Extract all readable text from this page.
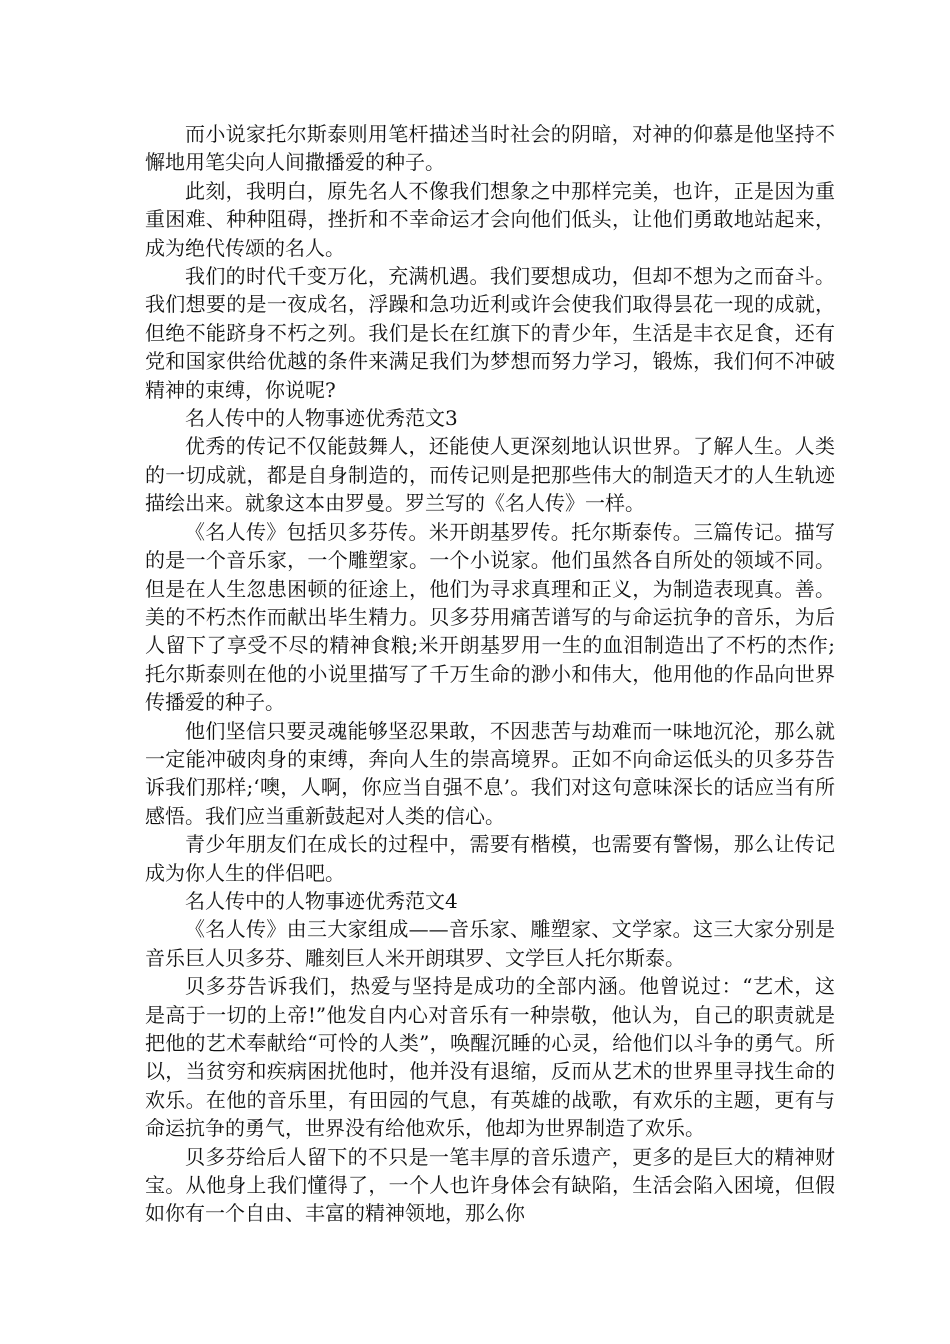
而小说家托尔斯泰则用笔杆描述当时社会的阴暗，对神的仰慕是他坚持不懈地用笔尖向人间撒播爱的种子。

此刻，我明白，原先名人不像我们想象之中那样完美，也许，正是因为重重困难、种种阻碍，挫折和不幸命运才会向他们低头，让他们勇敢地站起来，成为绝代传颂的名人。

我们的时代千变万化，充满机遇。我们要想成功，但却不想为之而奋斗。我们想要的是一夜成名，浮躁和急功近利或许会使我们取得昙花一现的成就，但绝不能跻身不朽之列。我们是长在红旗下的青少年，生活是丰衣足食，还有党和国家供给优越的条件来满足我们为梦想而努力学习，锻炼，我们何不冲破精神的束缚，你说呢?

名人传中的人物事迹优秀范文3

优秀的传记不仅能鼓舞人，还能使人更深刻地认识世界。了解人生。人类的一切成就，都是自身制造的，而传记则是把那些伟大的制造天才的人生轨迹描绘出来。就象这本由罗曼。罗兰写的《名人传》一样。

《名人传》包括贝多芬传。米开朗基罗传。托尔斯泰传。三篇传记。描写的是一个音乐家，一个雕塑家。一个小说家。他们虽然各自所处的领域不同。但是在人生忽患困顿的征途上，他们为寻求真理和正义，为制造表现真。善。美的不朽杰作而献出毕生精力。贝多芬用痛苦谱写的与命运抗争的音乐，为后人留下了享受不尽的精神食粮;米开朗基罗用一生的血泪制造出了不朽的杰作;托尔斯泰则在他的小说里描写了千万生命的渺小和伟大，他用他的作品向世界传播爱的种子。

他们坚信只要灵魂能够坚忍果敢，不因悲苦与劫难而一味地沉沦，那么就一定能冲破肉身的束缚，奔向人生的崇高境界。正如不向命运低头的贝多芬告诉我们那样;‘噢，人啊，你应当自强不息’。我们对这句意味深长的话应当有所感悟。我们应当重新鼓起对人类的信心。

青少年朋友们在成长的过程中，需要有楷模，也需要有警惕，那么让传记成为你人生的伴侣吧。

名人传中的人物事迹优秀范文4

《名人传》由三大家组成——音乐家、雕塑家、文学家。这三大家分别是音乐巨人贝多芬、雕刻巨人米开朗琪罗、文学巨人托尔斯泰。

贝多芬告诉我们，热爱与坚持是成功的全部内涵。他曾说过：“艺术，这是高于一切的上帝!”他发自内心对音乐有一种崇敬，他认为，自己的职责就是把他的艺术奉献给“可怜的人类”，唤醒沉睡的心灵，给他们以斗争的勇气。所以，当贫穷和疾病困扰他时，他并没有退缩，反而从艺术的世界里寻找生命的欢乐。在他的音乐里，有田园的气息，有英雄的战歌，有欢乐的主题，更有与命运抗争的勇气，世界没有给他欢乐，他却为世界制造了欢乐。

贝多芬给后人留下的不只是一笔丰厚的音乐遗产，更多的是巨大的精神财宝。从他身上我们懂得了，一个人也许身体会有缺陷，生活会陷入困境，但假如你有一个自由、丰富的精神领地，那么你
